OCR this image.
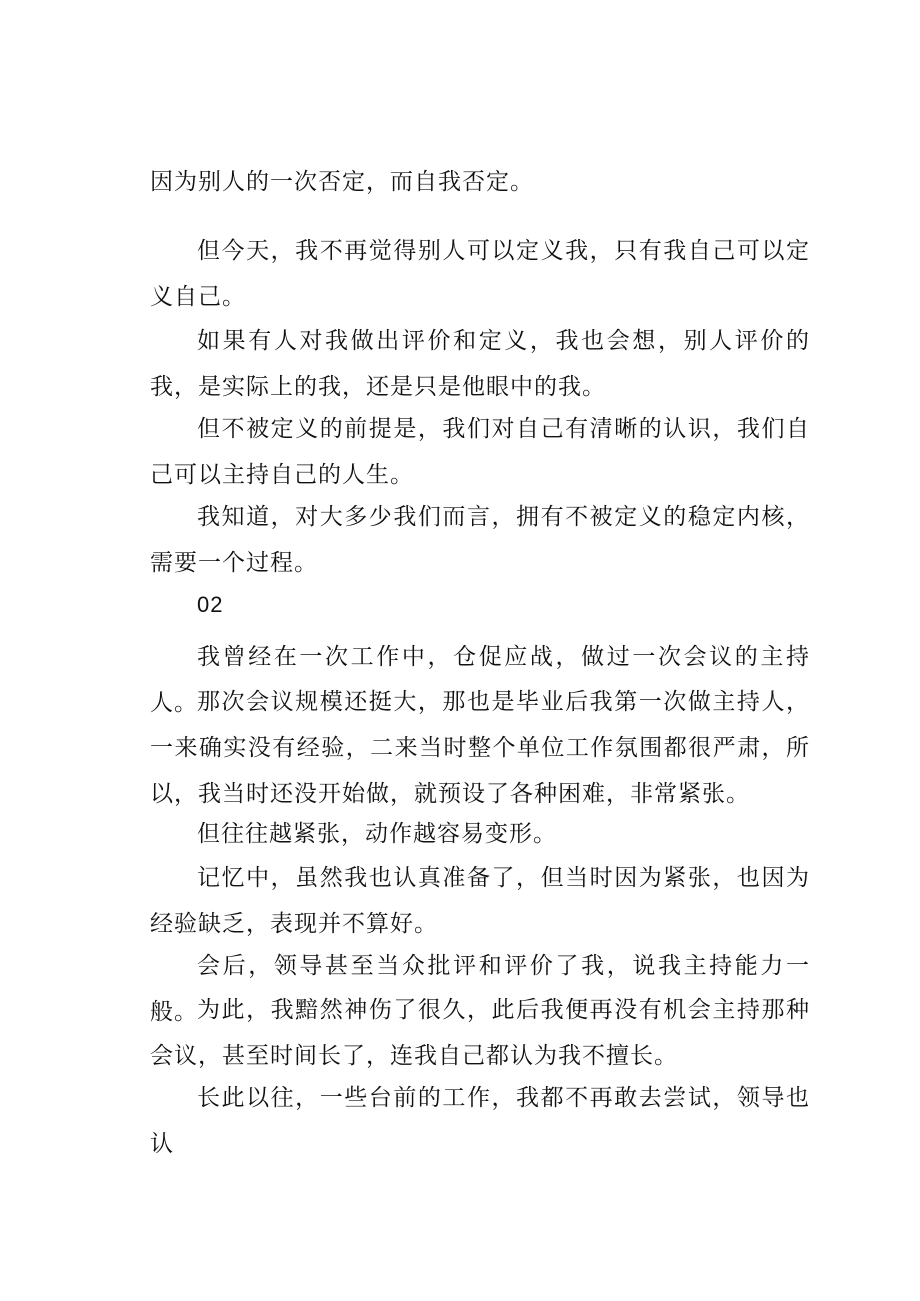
因为别人的一次否定，而自我否定。

但今天，我不再觉得别人可以定义我，只有我自己可以定义自己。

如果有人对我做出评价和定义，我也会想，别人评价的我，是实际上的我，还是只是他眼中的我。

但不被定义的前提是，我们对自己有清晰的认识，我们自己可以主持自己的人生。

我知道，对大多少我们而言，拥有不被定义的稳定内核，需要一个过程。

02

我曾经在一次工作中，仓促应战，做过一次会议的主持人。 那次会议规模还挺大，那也是毕业后我第一次做主持人，一来确实没有经验，二来当时整个单位工作氛围都很严肃，所以，我当时还没开始做，就预设了各种困难，非常紧张。

但往往越紧张，动作越容易变形。

记忆中，虽然我也认真准备了，但当时因为紧张，也因为经验缺乏，表现并不算好。

会后，领导甚至当众批评和评价了我，说我主持能力一般。 为此，我黯然神伤了很久，此后我便再没有机会主持那种会议，甚至时间长了，连我自己都认为我不擅长。

长此以往，一些台前的工作，我都不再敢去尝试，领导也认
